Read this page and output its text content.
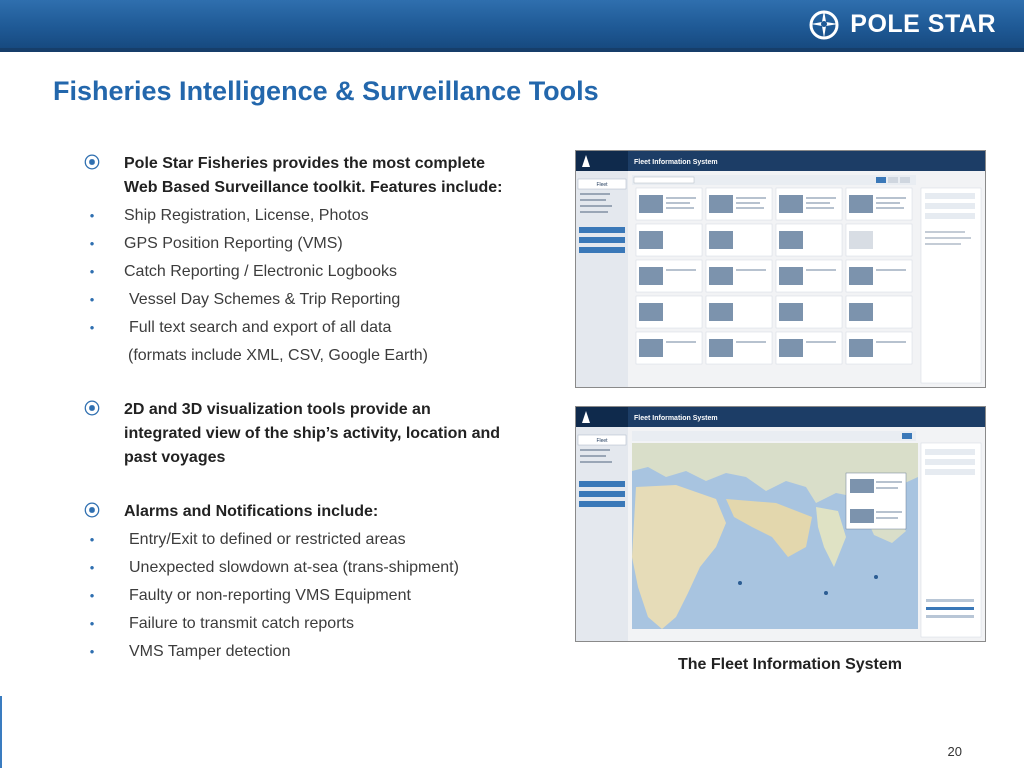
POLE STAR
Fisheries Intelligence & Surveillance Tools
⦿ Pole Star Fisheries provides the most complete
Web Based Surveillance toolkit. Features include:
•	Ship Registration, License, Photos
•	GPS Position Reporting (VMS)
•	Catch Reporting / Electronic Logbooks
•	Vessel Day Schemes & Trip Reporting
•	Full text search and export of all data
(formats include XML, CSV, Google Earth)
⦿ 2D and 3D visualization tools provide an
integrated view of the ship’s activity, location and
past voyages
⦿ Alarms and Notifications include:
•	Entry/Exit to defined or restricted areas
•	Unexpected slowdown at-sea (trans-shipment)
•	Faulty or non-reporting VMS Equipment
•	Failure to transmit catch reports
•	VMS Tamper detection
Fleet Information System
Fleet
Fleet Information System
Fleet
The Fleet Information System
20
